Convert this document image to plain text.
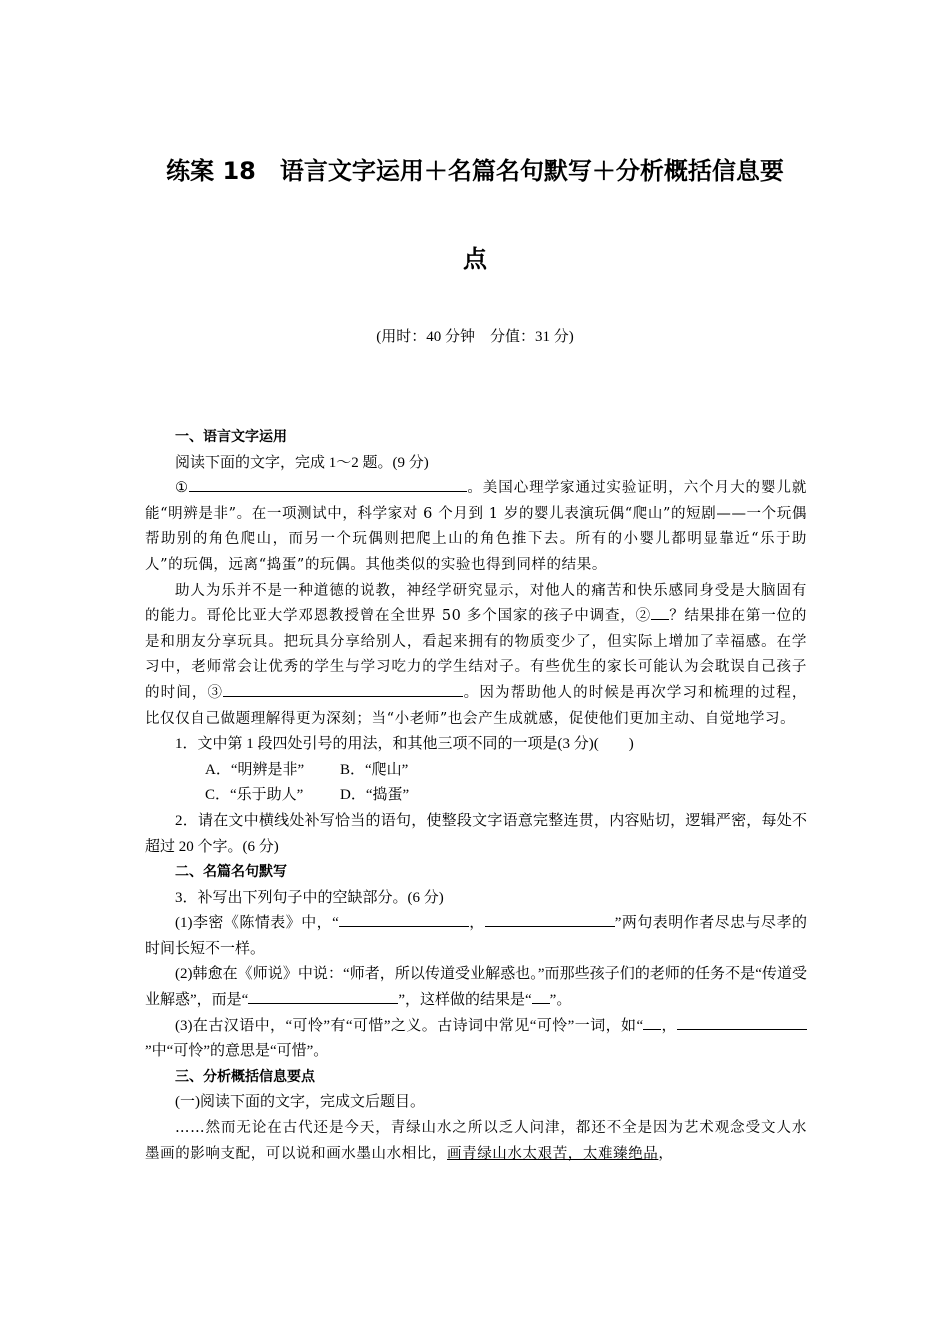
练案 18　语言文字运用＋名篇名句默写＋分析概括信息要
点
(用时：40 分钟　分值：31 分)

一、语言文字运用

阅读下面的文字，完成 1～2 题。(9 分)

①	。美国心理学家通过实验证明，六个月大的婴儿就能“明辨是非”。在一项测试中，科学家对 6 个月到 1 岁的婴儿表演玩偶“爬山”的短剧——一个玩偶帮助别的角色爬山，而另一个玩偶则把爬上山的角色推下去。所有的小婴儿都明显靠近“乐于助人”的玩偶，远离“捣蛋”的玩偶。其他类似的实验也得到同样的结果。

助人为乐并不是一种道德的说教，神经学研究显示，对他人的痛苦和快乐感同身受是大脑固有的能力。哥伦比亚大学邓恩教授曾在全世界 50 多个国家的孩子中调查，② ？结果排在第一位的是和朋友分享玩具。把玩具分享给别人，看起来拥有的物质变少了，但实际上增加了幸福感。在学习中，老师常会让优秀的学生与学习吃力的学生结对子。有些优生的家长可能认为会耽误自己孩子的时间，③	。因为帮助他人的时候是再次学习和梳理的过程，比仅仅自己做题理解得更为深刻；当“小老师”也会产生成就感，促使他们更加主动、自觉地学习。

1．文中第 1 段四处引号的用法，和其他三项不同的一项是(3 分)(　　)

A．“明辨是非” B．“爬山”

C．“乐于助人” D．“捣蛋”

2．请在文中横线处补写恰当的语句，使整段文字语意完整连贯，内容贴切，逻辑严密，每处不超过 20 个字。(6 分)

二、名篇名句默写

3．补写出下列句子中的空缺部分。(6 分)

(1)李密《陈情表》中，“	，	”两句表明作者尽忠与尽孝的时间长短不一样。

(2)韩愈在《师说》中说：“师者，所以传道受业解惑也。”而那些孩子们的老师的任务不是“传道受业解惑”，而是“	”，这样做的结果是“ ”。

(3)在古汉语中，“可怜”有“可惜”之义。古诗词中常见“可怜”一词，如“ ，”中“可怜”的意思是“可惜”。

三、分析概括信息要点

(一)阅读下面的文字，完成文后题目。

……然而无论在古代还是今天，青绿山水之所以乏人问津，都还不全是因为艺术观念受文人水墨画的影响支配，可以说和画水墨山水相比，画青绿山水太艰苦，太难臻绝品，
